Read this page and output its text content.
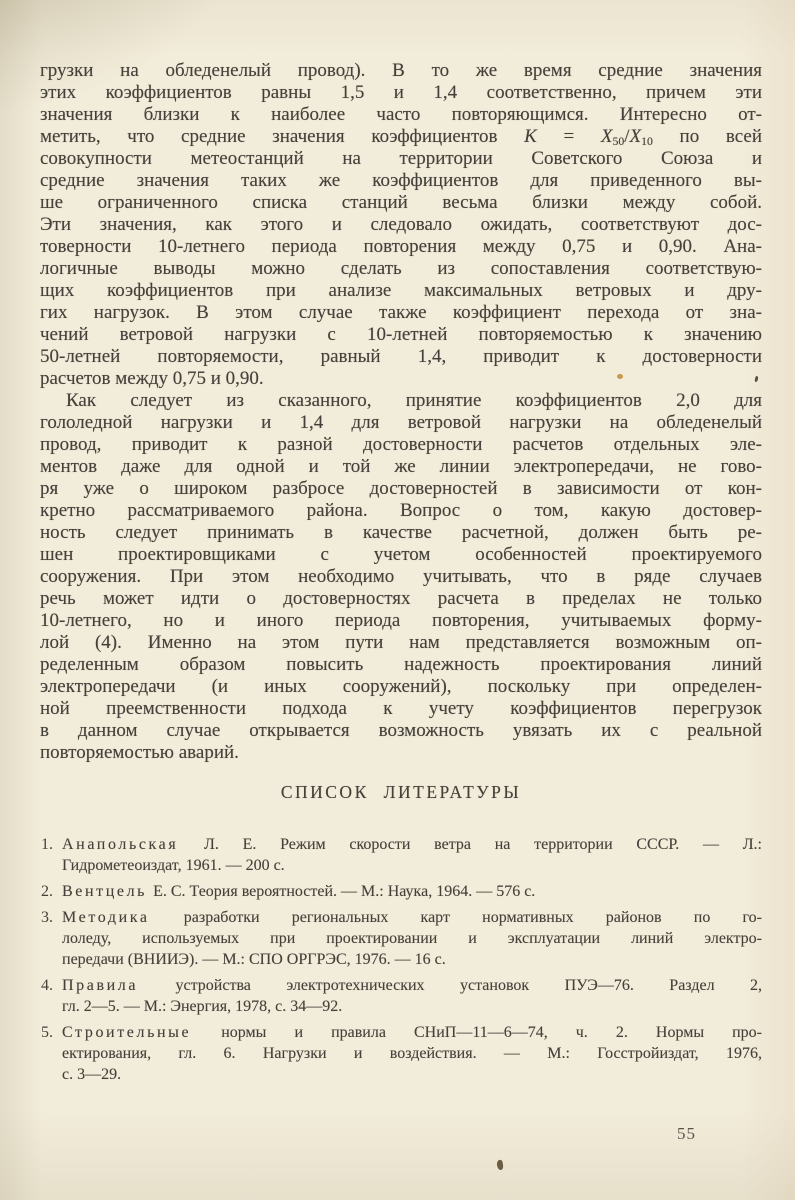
грузки на обледенелый провод). В то же время средние значения
этих коэффициентов равны 1,5 и 1,4 соответственно, причем эти
значения близки к наиболее часто повторяющимся. Интересно от-
метить, что средние значения коэффициентов $K = X_{50}/X_{10}$ по всей
совокупности метеостанций на территории Советского Союза и
средние значения таких же коэффициентов для приведенного вы-
ше ограниченного списка станций весьма близки между собой.
Эти значения, как этого и следовало ожидать, соответствуют дос-
товерности 10-летнего периода повторения между 0,75 и 0,90. Ана-
логичные выводы можно сделать из сопоставления соответствую-
щих коэффициентов при анализе максимальных ветровых и дру-
гих нагрузок. В этом случае также коэффициент перехода от зна-
чений ветровой нагрузки с 10-летней повторяемостью к значению
50-летней повторяемости, равный 1,4, приводит к достоверности
расчетов между 0,75 и 0,90.
Как следует из сказанного, принятие коэффициентов 2,0 для
гололедной нагрузки и 1,4 для ветровой нагрузки на обледенелый
провод, приводит к разной достоверности расчетов отдельных эле-
ментов даже для одной и той же линии электропередачи, не гово-
ря уже о широком разбросе достоверностей в зависимости от кон-
кретно рассматриваемого района. Вопрос о том, какую достовер-
ность следует принимать в качестве расчетной, должен быть ре-
шен проектировщиками с учетом особенностей проектируемого
сооружения. При этом необходимо учитывать, что в ряде случаев
речь может идти о достоверностях расчета в пределах не только
10-летнего, но и иного периода повторения, учитываемых форму-
лой (4). Именно на этом пути нам представляется возможным оп-
ределенным образом повысить надежность проектирования линий
электропередачи (и иных сооружений), поскольку при определен-
ной преемственности подхода к учету коэффициентов перегрузок
в данном случае открывается возможность увязать их с реальной
повторяемостью аварий.
СПИСОК ЛИТЕРАТУРЫ
1. Анапольская Л. Е. Режим скорости ветра на территории СССР. — Л.:
Гидрометеоиздат, 1961. — 200 с.
2. Вентцель Е. С. Теория вероятностей. — М.: Наука, 1964. — 576 с.
3. Методика разработки региональных карт нормативных районов по го-
лоледу, используемых при проектировании и эксплуатации линий электро-
передачи (ВНИИЭ). — М.: СПО ОРГРЭС, 1976. — 16 с.
4. Правила устройства электротехнических установок ПУЭ—76. Раздел 2,
гл. 2—5. — М.: Энергия, 1978, с. 34—92.
5. Строительные нормы и правила СНиП—11—6—74, ч. 2. Нормы про-
ектирования, гл. 6. Нагрузки и воздействия. — М.: Госстройиздат, 1976,
с. 3—29.
55
